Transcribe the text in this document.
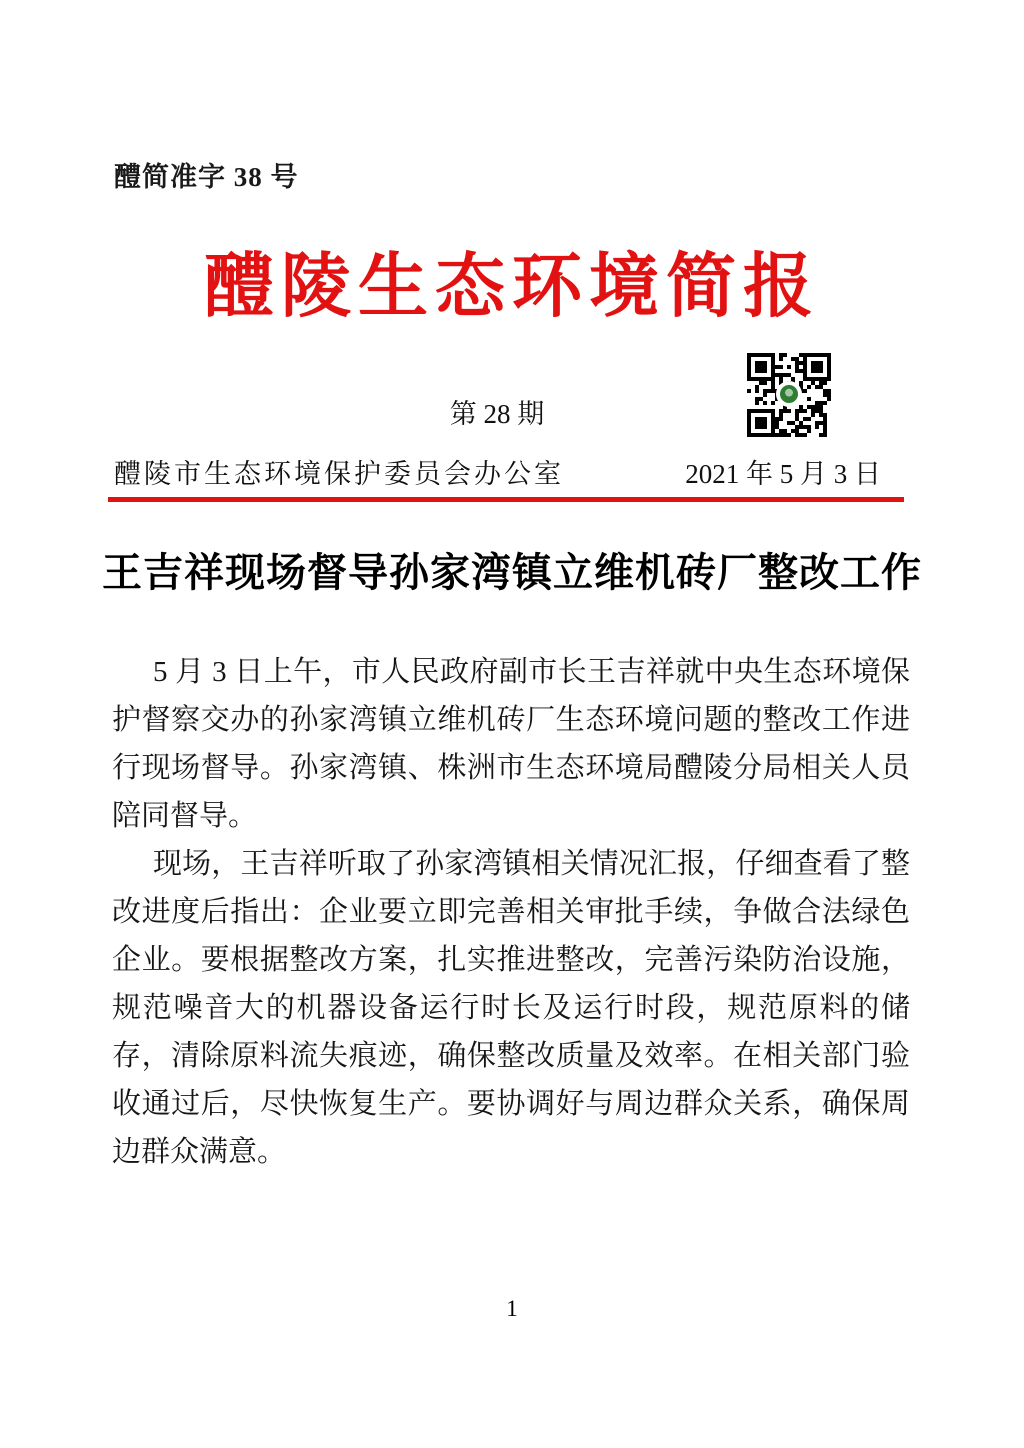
醴简准字 38 号
醴陵生态环境简报
第 28 期
醴陵市生态环境保护委员会办公室	2021 年 5 月 3 日
王吉祥现场督导孙家湾镇立维机砖厂整改工作

5 月 3 日上午，市人民政府副市长王吉祥就中央生态环境保护督察交办的孙家湾镇立维机砖厂生态环境问题的整改工作进行现场督导。孙家湾镇、株洲市生态环境局醴陵分局相关人员陪同督导。

现场，王吉祥听取了孙家湾镇相关情况汇报，仔细查看了整改进度后指出：企业要立即完善相关审批手续，争做合法绿色企业。要根据整改方案，扎实推进整改，完善污染防治设施，规范噪音大的机器设备运行时长及运行时段，规范原料的储存，清除原料流失痕迹，确保整改质量及效率。在相关部门验收通过后，尽快恢复生产。要协调好与周边群众关系，确保周边群众满意。

1
